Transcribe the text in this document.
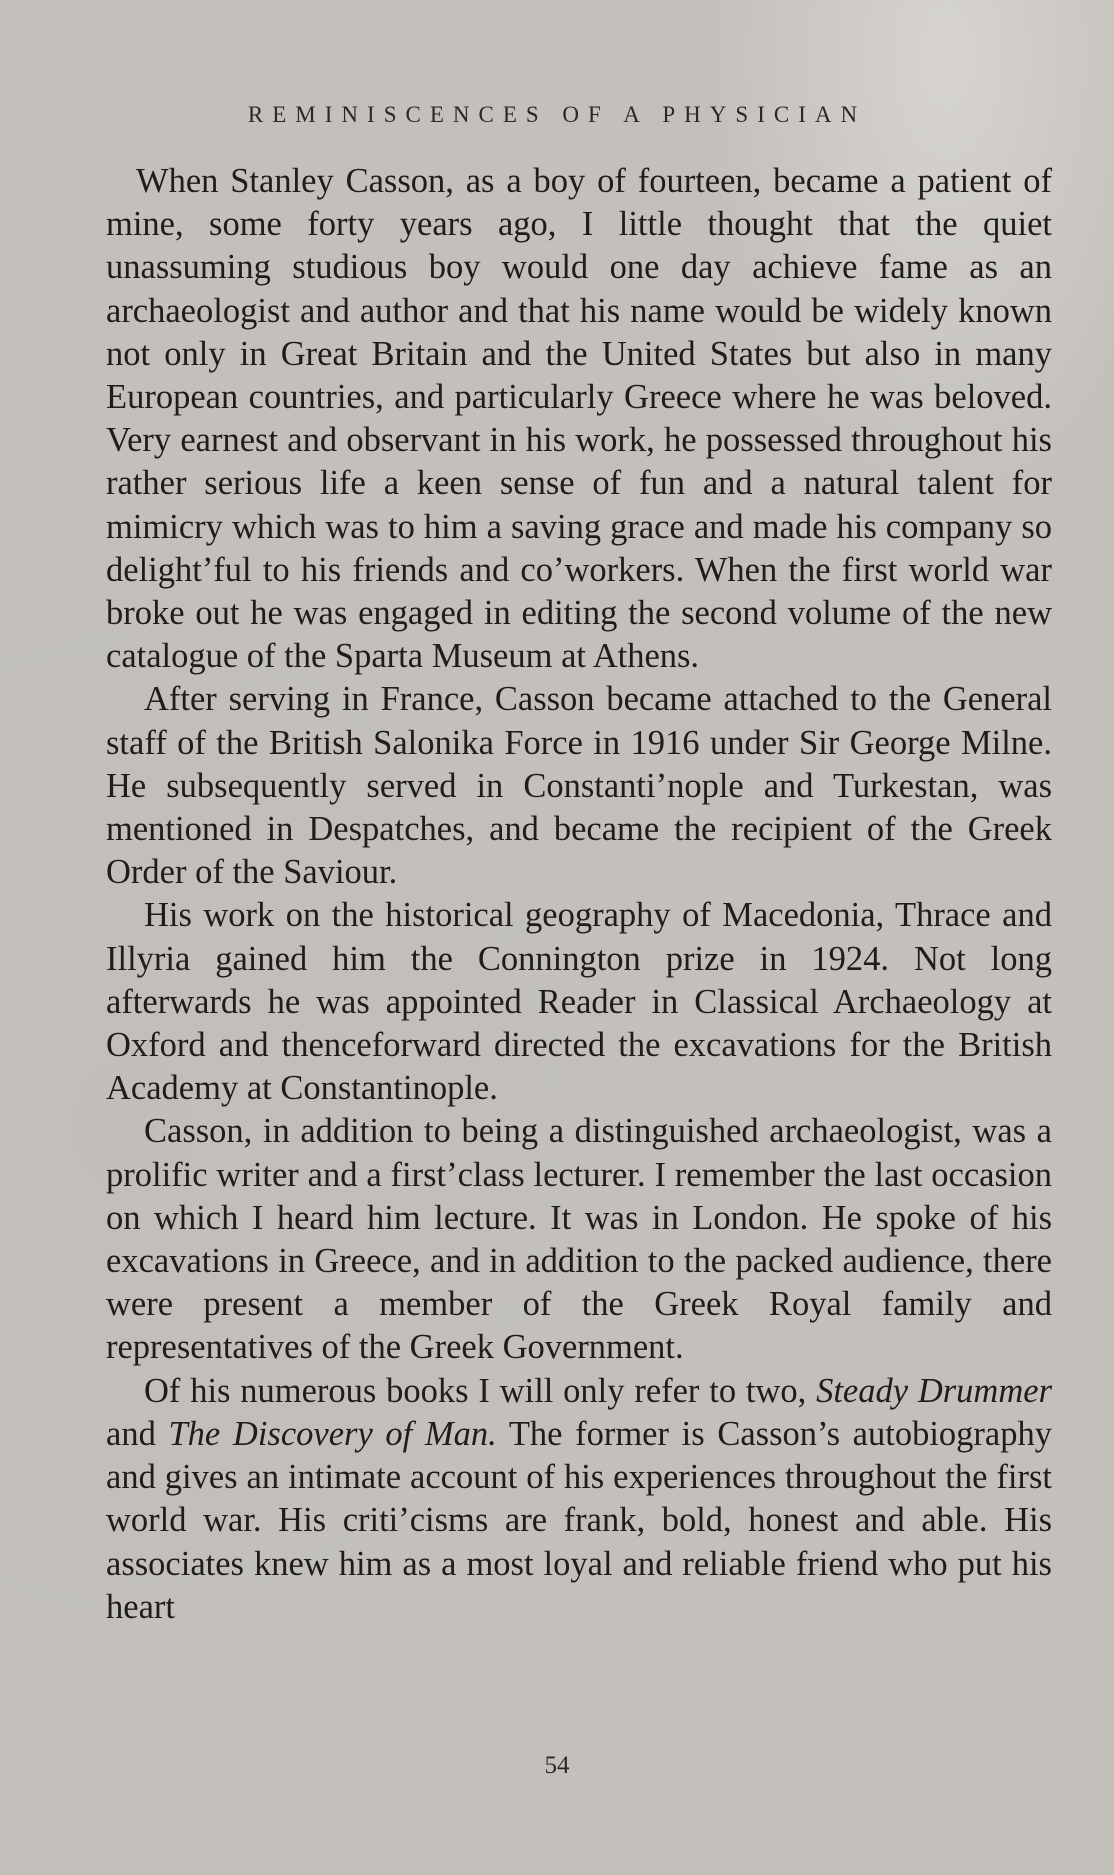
REMINISCENCES OF A PHYSICIAN

When Stanley Casson, as a boy of fourteen, became a patient of mine, some forty years ago, I little thought that the quiet unassuming studious boy would one day achieve fame as an archaeologist and author and that his name would be widely known not only in Great Britain and the United States but also in many European countries, and particularly Greece where he was beloved. Very earnest and observant in his work, he possessed throughout his rather serious life a keen sense of fun and a natural talent for mimicry which was to him a saving grace and made his company so delightʼful to his friends and coʼworkers. When the first world war broke out he was engaged in editing the second volume of the new catalogue of the Sparta Museum at Athens.

After serving in France, Casson became attached to the General staff of the British Salonika Force in 1916 under Sir George Milne. He subsequently served in Constantiʼnople and Turkestan, was mentioned in Despatches, and became the recipient of the Greek Order of the Saviour.

His work on the historical geography of Macedonia, Thrace and Illyria gained him the Connington prize in 1924. Not long afterwards he was appointed Reader in Classical Archaeology at Oxford and thenceforward directed the excavations for the British Academy at Constantinople.

Casson, in addition to being a distinguished archaeologist, was a prolific writer and a firstʼclass lecturer. I remember the last occasion on which I heard him lecture. It was in London. He spoke of his excavations in Greece, and in addition to the packed audience, there were present a member of the Greek Royal family and representatives of the Greek Government.

Of his numerous books I will only refer to two, Steady Drummer and The Discovery of Man. The former is Casson’s autobiography and gives an intimate account of his experiences throughout the first world war. His critiʼcisms are frank, bold, honest and able. His associates knew him as a most loyal and reliable friend who put his heart

54
